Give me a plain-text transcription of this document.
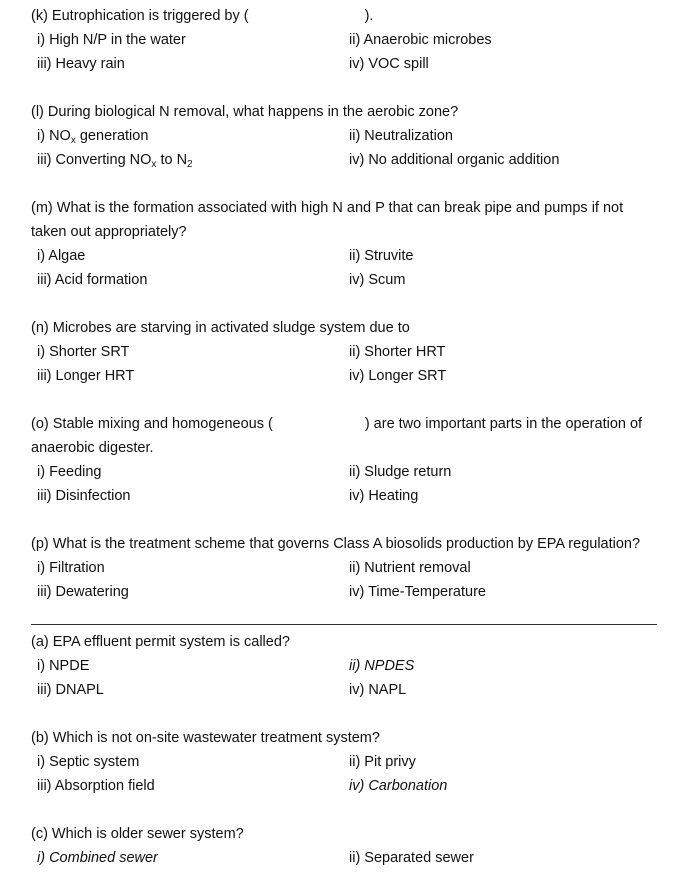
(k) Eutrophication is triggered by (	).

i) High N/P in the water	ii) Anaerobic microbes
iii) Heavy rain	iv) VOC spill

(l) During biological N removal, what happens in the aerobic zone?

i) $NO_x$ generation	ii) Neutralization
iii) Converting $NO_x$ to $N_2$	iv) No additional organic addition

(m) What is the formation associated with high N and P that can break pipe and pumps if not

taken out appropriately?

i) Algae	ii) Struvite
iii) Acid formation	iv) Scum

(n) Microbes are starving in activated sludge system due to

i) Shorter SRT	ii) Shorter HRT
iii) Longer HRT	iv) Longer SRT

(o) Stable mixing and homogeneous (	) are two important parts in the operation of

anaerobic digester.

i) Feeding	ii) Sludge return
iii) Disinfection	iv) Heating

(p) What is the treatment scheme that governs Class A biosolids production by EPA regulation?

i) Filtration	ii) Nutrient removal
iii) Dewatering	iv) Time-Temperature

(a) EPA effluent permit system is called?

i) NPDE	ii) NPDES
iii) DNAPL	iv) NAPL

(b) Which is not on-site wastewater treatment system?

i) Septic system	ii) Pit privy
iii) Absorption field	iv) Carbonation

(c) Which is older sewer system?

i) Combined sewer	ii) Separated sewer
